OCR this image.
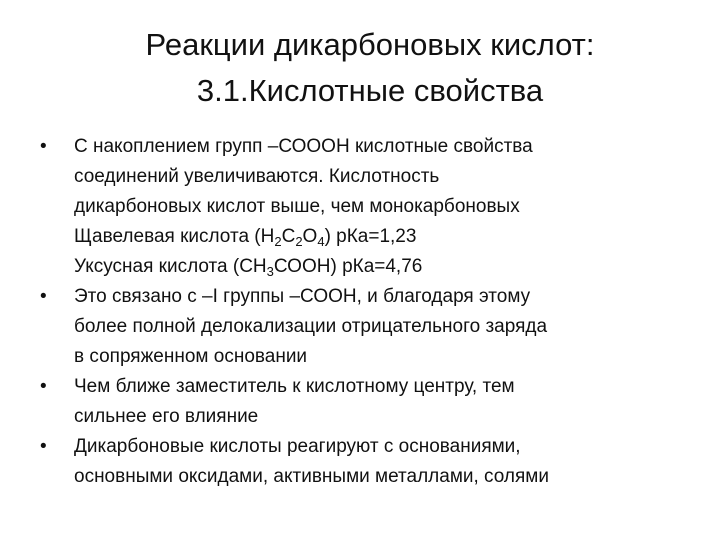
Реакции дикарбоновых кислот:
3.1.Кислотные свойства
•	С накоплением групп –СОООН кислотные свойства
соединений увеличиваются. Кислотность
дикарбоновых кислот выше, чем монокарбоновых
Щавелевая кислота $(Н_2С_2О_4)$ рКа=1,23
Уксусная кислота $(СН_3СООН)$ рКа=4,76
•	Это связано с –I группы –СООН, и благодаря этому
более полной делокализации отрицательного заряда
в сопряженном основании
•	Чем ближе заместитель к кислотному центру, тем
сильнее его влияние
•	Дикарбоновые кислоты реагируют с основаниями,
основными оксидами, активными металлами, солями
